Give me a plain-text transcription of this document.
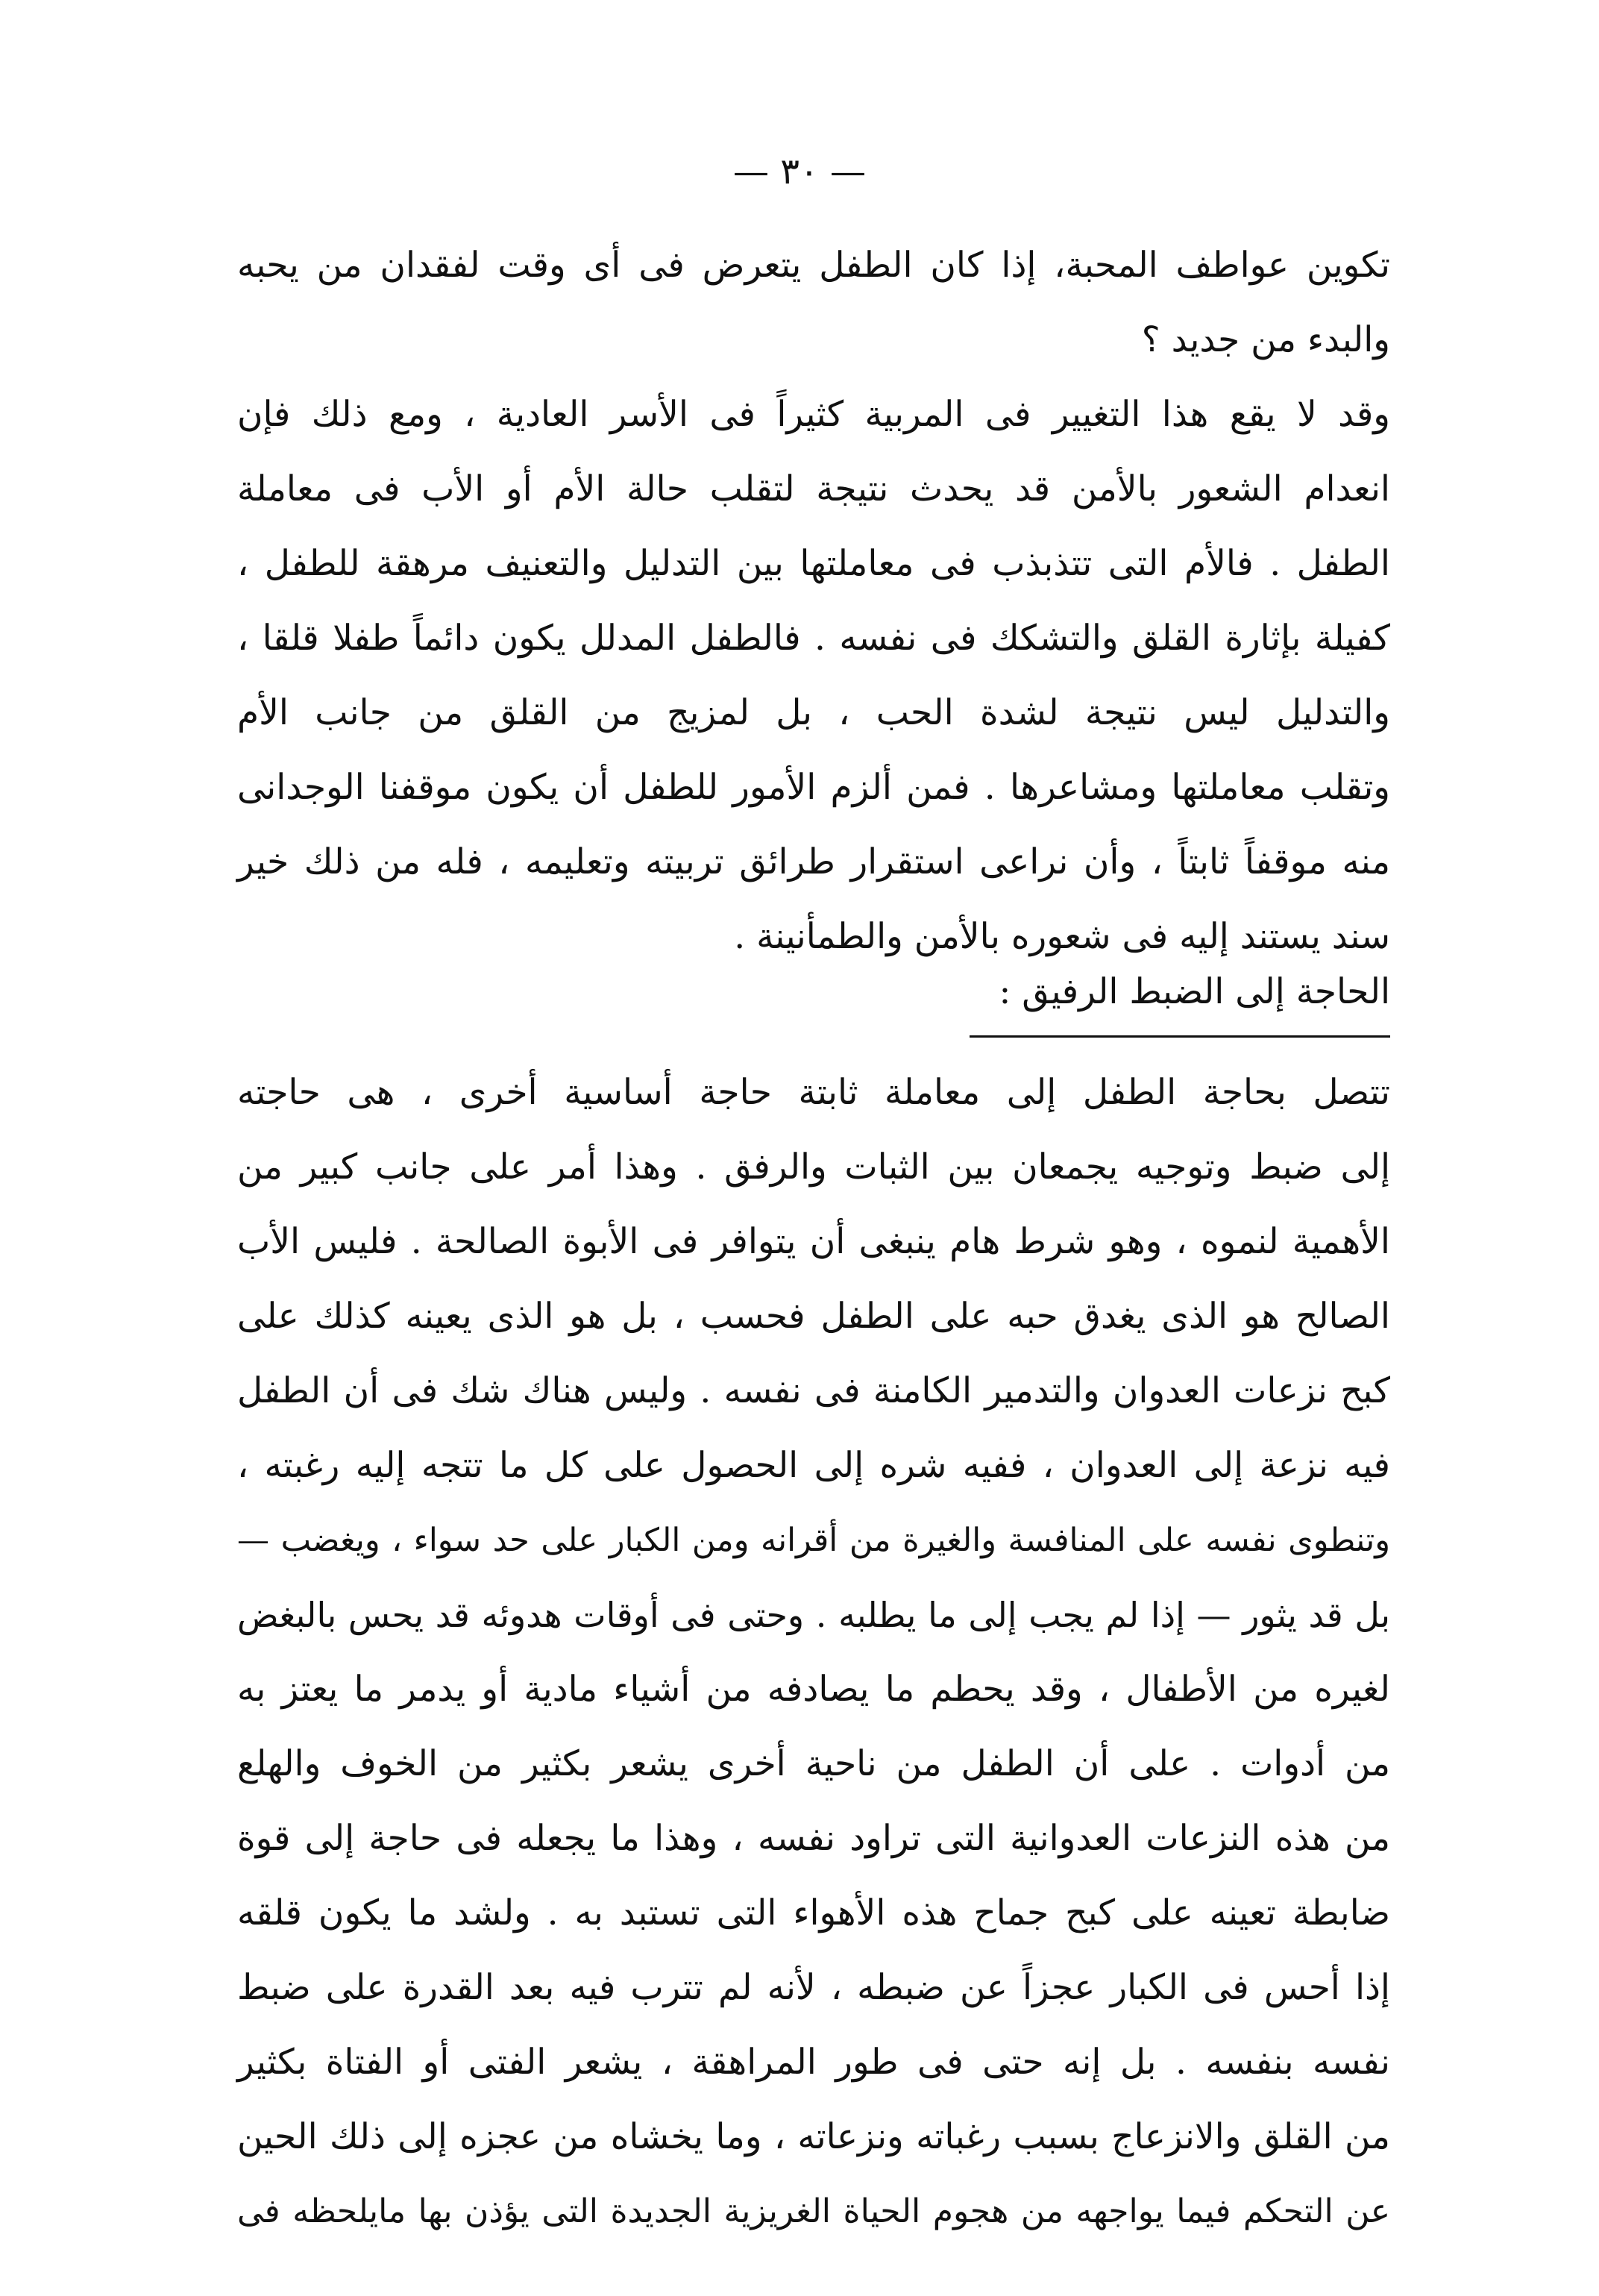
— ٣٠ —
تكوين عواطف المحبة، إذا كان الطفل يتعرض فى أى وقت لفقدان من يحبه
والبدء من جديد ؟
وقد لا يقع هذا التغيير فى المربية كثيراً فى الأسر العادية ، ومع ذلك فإن
انعدام الشعور بالأمن قد يحدث نتيجة لتقلب حالة الأم أو الأب فى معاملة
الطفل . فالأم التى تتذبذب فى معاملتها بين التدليل والتعنيف مرهقة للطفل ،
كفيلة بإثارة القلق والتشكك فى نفسه . فالطفل المدلل يكون دائماً طفلا قلقا ،
والتدليل ليس نتيجة لشدة الحب ، بل لمزيج من القلق من جانب الأم
وتقلب معاملتها ومشاعرها . فمن ألزم الأمور للطفل أن يكون موقفنا الوجدانى
منه موقفاً ثابتاً ، وأن نراعى استقرار طرائق تربيته وتعليمه ، فله من ذلك خير
سند يستند إليه فى شعوره بالأمن والطمأنينة .
الحاجة إلى الضبط الرفيق :
تتصل بحاجة الطفل إلى معاملة ثابتة حاجة أساسية أخرى ، هى حاجته
إلى ضبط وتوجيه يجمعان بين الثبات والرفق . وهذا أمر على جانب كبير من
الأهمية لنموه ، وهو شرط هام ينبغى أن يتوافر فى الأبوة الصالحة . فليس الأب
الصالح هو الذى يغدق حبه على الطفل فحسب ، بل هو الذى يعينه كذلك على
كبح نزعات العدوان والتدمير الكامنة فى نفسه . وليس هناك شك فى أن الطفل
فيه نزعة إلى العدوان ، ففيه شره إلى الحصول على كل ما تتجه إليه رغبته ،
وتنطوى نفسه على المنافسة والغيرة من أقرانه ومن الكبار على حد سواء ، ويغضب —
بل قد يثور — إذا لم يجب إلى ما يطلبه . وحتى فى أوقات هدوئه قد يحس بالبغض
لغيره من الأطفال ، وقد يحطم ما يصادفه من أشياء مادية أو يدمر ما يعتز به
من أدوات . على أن الطفل من ناحية أخرى يشعر بكثير من الخوف والهلع
من هذه النزعات العدوانية التى تراود نفسه ، وهذا ما يجعله فى حاجة إلى قوة
ضابطة تعينه على كبح جماح هذه الأهواء التى تستبد به . ولشد ما يكون قلقه
إذا أحس فى الكبار عجزاً عن ضبطه ، لأنه لم تترب فيه بعد القدرة على ضبط
نفسه بنفسه . بل إنه حتى فى طور المراهقة ، يشعر الفتى أو الفتاة بكثير
من القلق والانزعاج بسبب رغباته ونزعاته ، وما يخشاه من عجزه إلى ذلك الحين
عن التحكم فيما يواجهه من هجوم الحياة الغريزية الجديدة التى يؤذن بها مايلحظه فى
